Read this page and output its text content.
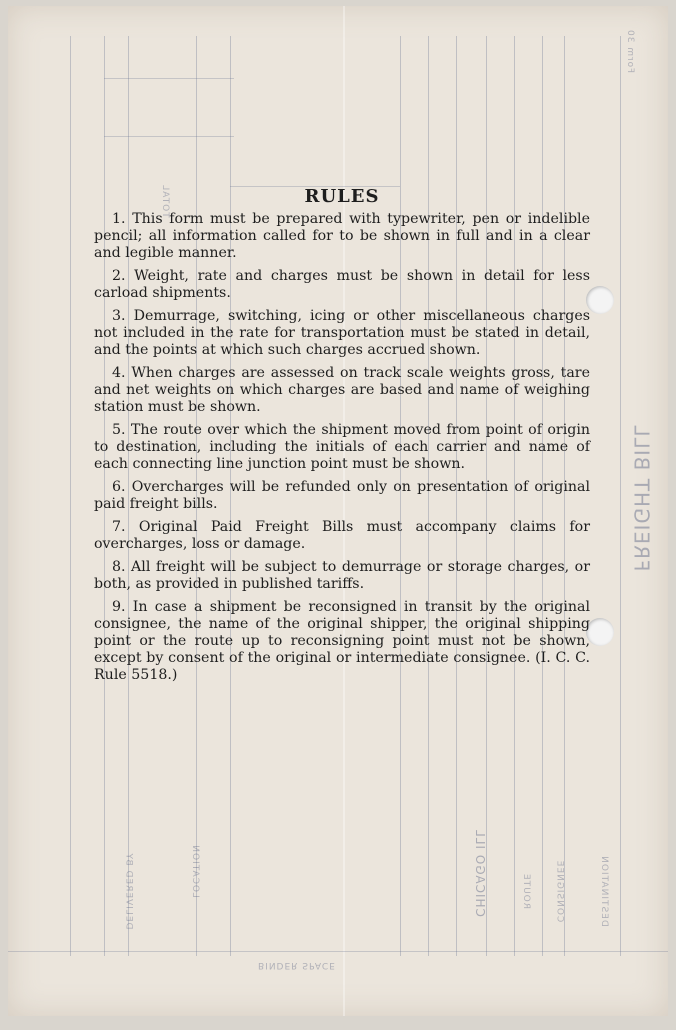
FREIGHT BILL
DESTINATION
ROUTE	CONSIGNEE
CHICAGO ILL
DELIVERED BY	LOCATION
TOTAL
Form 30
BINDER SPACE
RULES

1. This form must be prepared with typewriter, pen or indelible pencil; all information called for to be shown in full and in a clear and legible manner.

2. Weight, rate and charges must be shown in detail for less carload shipments.

3. Demurrage, switching, icing or other miscellaneous charges not included in the rate for transportation must be stated in detail, and the points at which such charges accrued shown.

4. When charges are assessed on track scale weights gross, tare and net weights on which charges are based and name of weighing station must be shown.

5. The route over which the shipment moved from point of origin to destination, including the initials of each carrier and name of each connecting line junction point must be shown.

6. Overcharges will be refunded only on presentation of original paid freight bills.

7. Original Paid Freight Bills must accompany claims for overcharges, loss or damage.

8. All freight will be subject to demurrage or storage charges, or both, as provided in published tariffs.

9. In case a shipment be reconsigned in transit by the original consignee, the name of the original shipper, the original shipping point or the route up to reconsigning point must not be shown, except by consent of the original or intermediate consignee. (I. C. C. Rule 5518.)
